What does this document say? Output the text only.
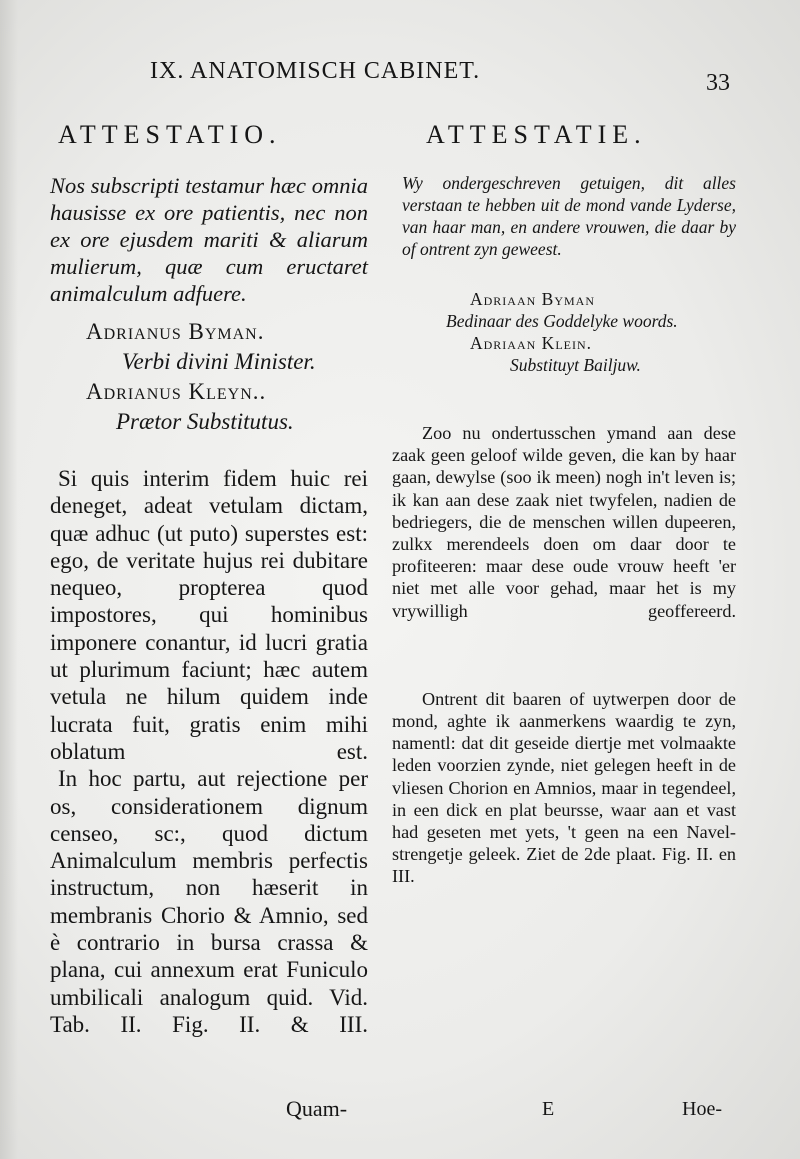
IX. ANATOMISCH CABINET.	33
ATTESTATIO.

Nos subscripti testamur hæc omnia hausisse ex ore patientis, nec non ex ore ejusdem mariti & aliarum mulierum, quæ cum eructaret animalculum adfuere.

Adrianus Byman.

Verbi divini Minister.

Adrianus Kleyn..

Prætor Substitutus.

Si quis interim fidem huic rei deneget, adeat vetulam dictam, quæ adhuc (ut puto) superstes est: ego, de veritate hujus rei dubitare nequeo, propterea quod impostores, qui hominibus imponere conantur, id lucri gratia ut plurimum faciunt; hæc autem vetula ne hilum quidem inde lucrata fuit, gratis enim mihi oblatum est.

In hoc partu, aut rejectione per os, considerationem dignum censeo, sc:, quod dictum Animalculum membris perfectis instructum, non hæserit in membranis Chorio & Amnio, sed è contrario in bursa crassa & plana, cui annexum erat Funiculo umbilicali analogum quid. Vid. Tab. II. Fig. II. & III.

ATTESTATIE.

Wy ondergeschreven getuigen, dit alles verstaan te hebben uit de mond vande Lyderse, van haar man, en andere vrouwen, die daar by of ontrent zyn geweest.

Adriaan Byman

Bedinaar des Goddelyke woords.

Adriaan Klein.

Substituyt Bailjuw.

Zoo nu ondertusschen ymand aan dese zaak geen geloof wilde geven, die kan by haar gaan, dewylse (soo ik meen) nogh in't leven is; ik kan aan dese zaak niet twyfelen, nadien de bedriegers, die de menschen willen dupeeren, zulkx merendeels doen om daar door te profiteeren: maar dese oude vrouw heeft 'er niet met alle voor gehad, maar het is my vrywilligh geoffereerd.

Ontrent dit baaren of uytwerpen door de mond, aghte ik aanmerkens waardig te zyn, namentl: dat dit geseide diertje met volmaakte leden voorzien zynde, niet gelegen heeft in de vliesen Chorion en Amnios, maar in tegendeel, in een dick en plat beursse, waar aan et vast had geseten met yets, 't geen na een Navel-strengetje geleek. Ziet de 2de plaat. Fig. II. en III.

Quam-	E	Hoe-
